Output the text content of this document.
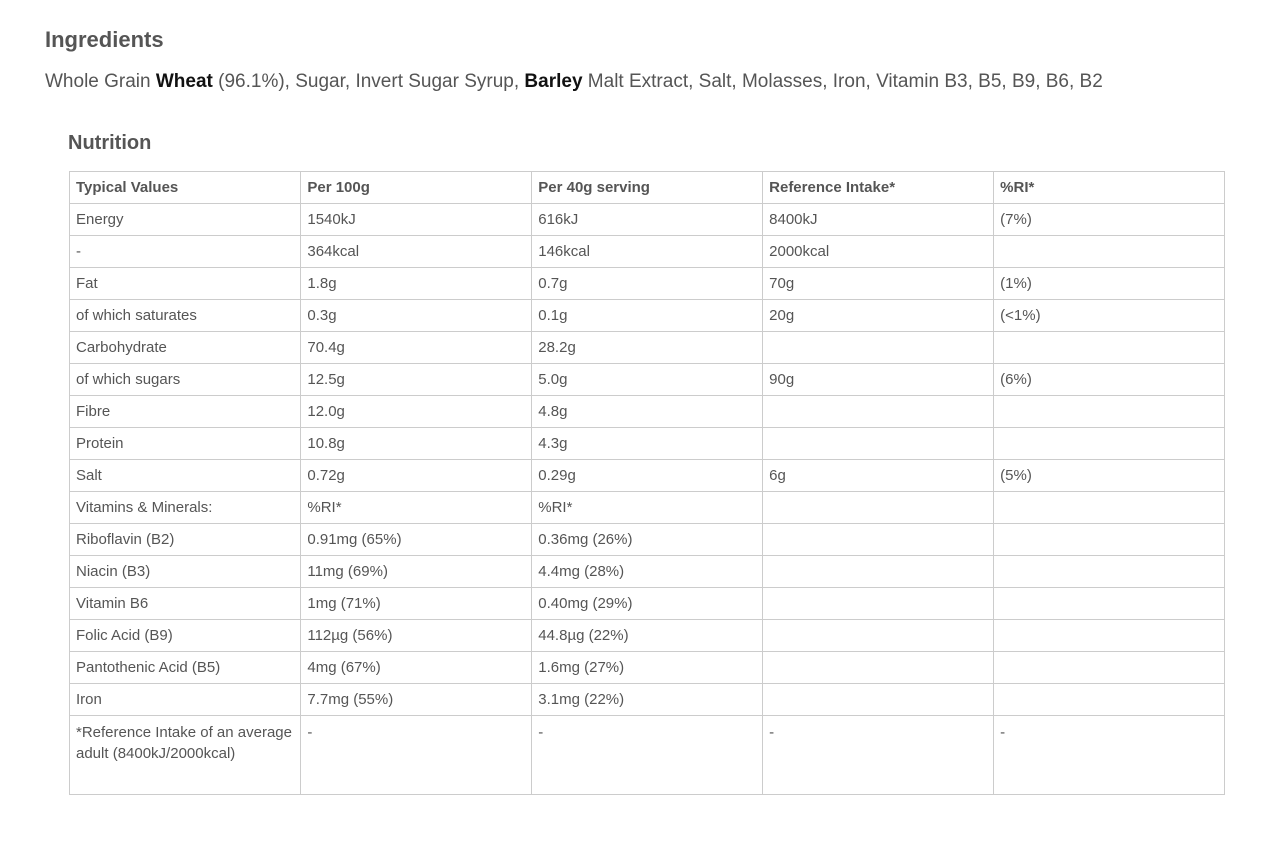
Ingredients

Whole Grain Wheat (96.1%), Sugar, Invert Sugar Syrup, Barley Malt Extract, Salt, Molasses, Iron, Vitamin B3, B5, B9, B6, B2

Nutrition
Typical Values	Per 100g	Per 40g serving	Reference Intake*	%RI*
Energy	1540kJ	616kJ	8400kJ	(7%)
-	364kcal	146kcal	2000kcal	
Fat	1.8g	0.7g	70g	(1%)
of which saturates	0.3g	0.1g	20g	(<1%)
Carbohydrate	70.4g	28.2g		
of which sugars	12.5g	5.0g	90g	(6%)
Fibre	12.0g	4.8g		
Protein	10.8g	4.3g		
Salt	0.72g	0.29g	6g	(5%)
Vitamins & Minerals:	%RI*	%RI*		
Riboflavin (B2)	0.91mg (65%)	0.36mg (26%)		
Niacin (B3)	11mg (69%)	4.4mg (28%)		
Vitamin B6	1mg (71%)	0.40mg (29%)		
Folic Acid (B9)	112µg (56%)	44.8µg (22%)		
Pantothenic Acid (B5)	4mg (67%)	1.6mg (27%)		
Iron	7.7mg (55%)	3.1mg (22%)		
*Reference Intake of an average adult (8400kJ/2000kcal)	-	-	-	-
